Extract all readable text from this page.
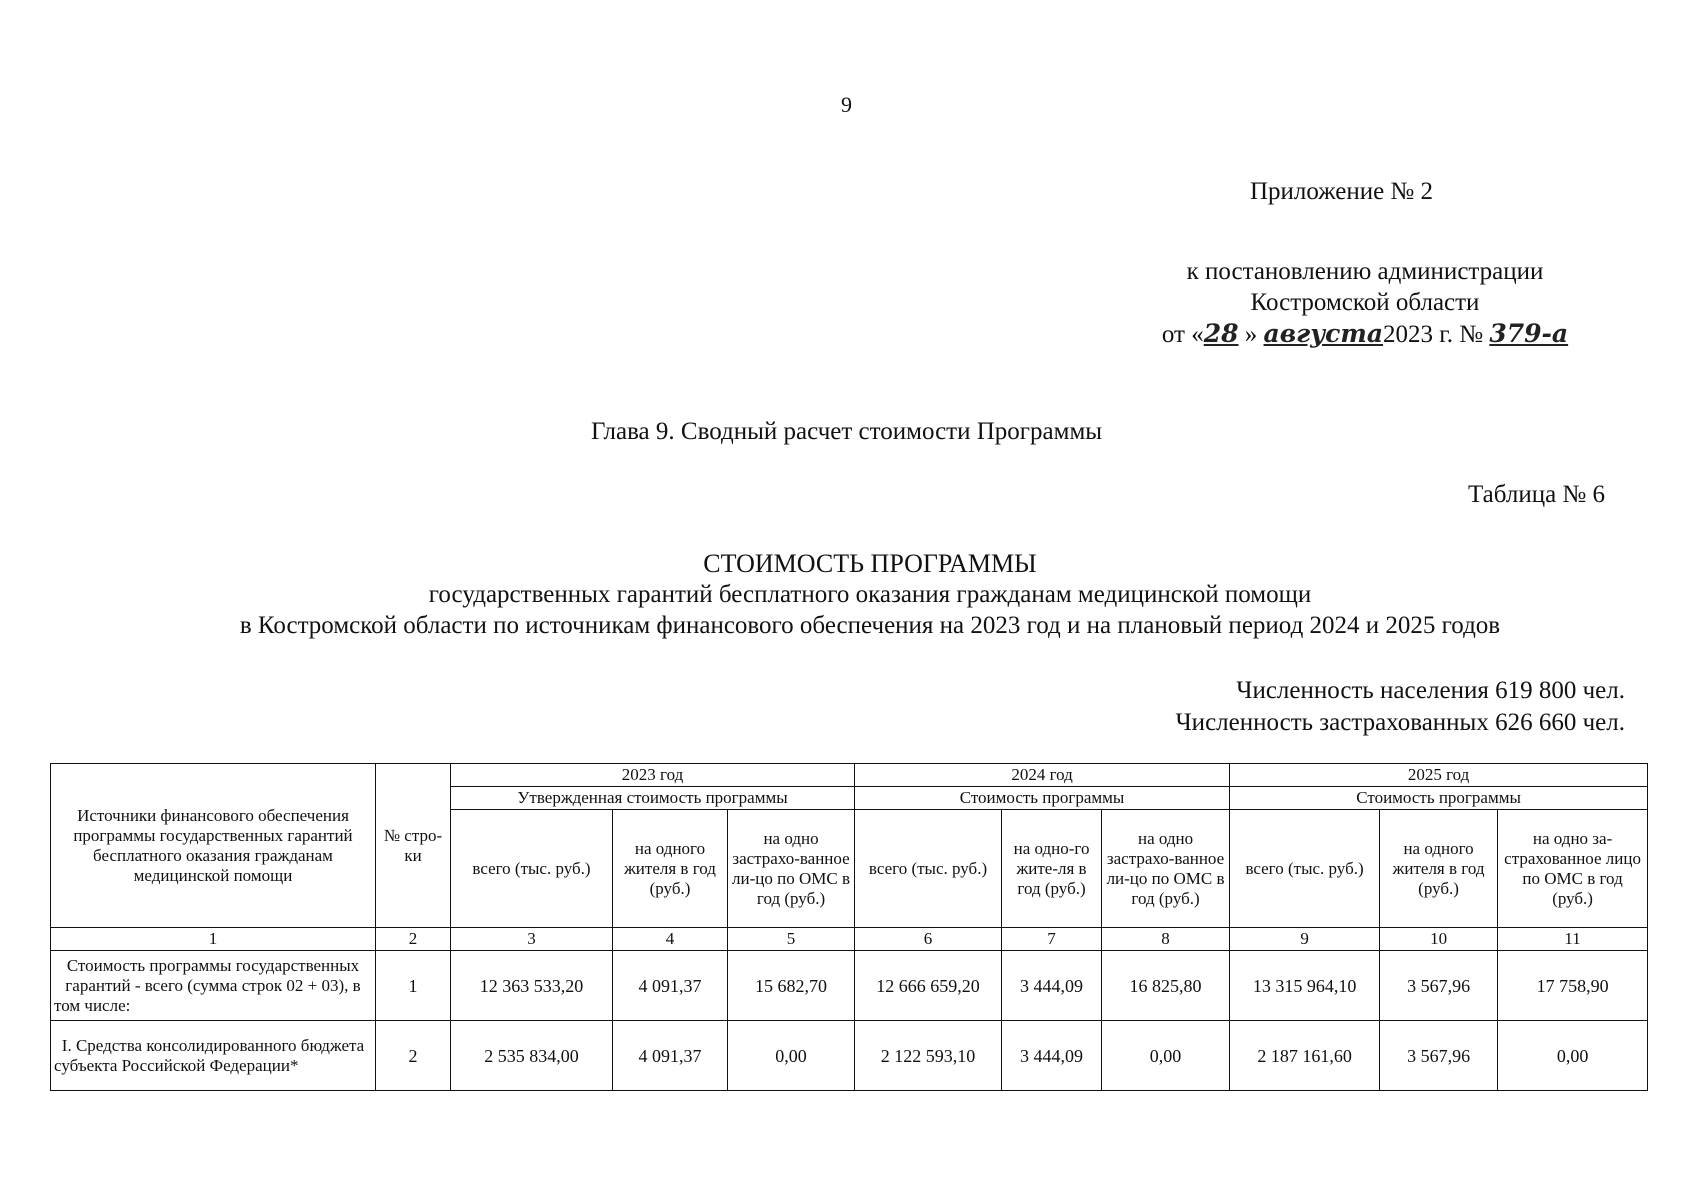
9
Приложение № 2
к постановлению администрации
Костромской области
от «28 » августа2023 г. № 379-а
Глава 9. Сводный расчет стоимости Программы
Таблица № 6
СТОИМОСТЬ ПРОГРАММЫ
государственных гарантий бесплатного оказания гражданам медицинской помощи
в Костромской области по источникам финансового обеспечения на 2023 год и на плановый период 2024 и 2025 годов
Численность населения 619 800 чел.
Численность застрахованных 626 660 чел.
Источники финансового обеспечения программы государственных гарантий бесплатного оказания гражданам медицинской помощи	№ стро-ки	2023 год			2024 год			2025 год		
		Утвержденная стоимость программы			Стоимость программы			Стоимость программы		
		всего (тыс. руб.)	на одного жителя в год (руб.)	на одно застрахо-ванное ли-цо по ОМС в год (руб.)	всего (тыс. руб.)	на одно-го жите-ля в год (руб.)	на одно застрахо-ванное ли-цо по ОМС в год (руб.)	всего (тыс. руб.)	на одного жителя в год (руб.)	на одно за-страхованное лицо по ОМС в год (руб.)
1	2	3	4	5	6	7	8	9	10	11
Стоимость программы государственных гарантий - всего (сумма строк 02 + 03), в том числе:	1	12 363 533,20	4 091,37	15 682,70	12 666 659,20	3 444,09	16 825,80	13 315 964,10	3 567,96	17 758,90
I. Средства консолидированного бюджета субъекта Российской Федерации*	2	2 535 834,00	4 091,37	0,00	2 122 593,10	3 444,09	0,00	2 187 161,60	3 567,96	0,00
